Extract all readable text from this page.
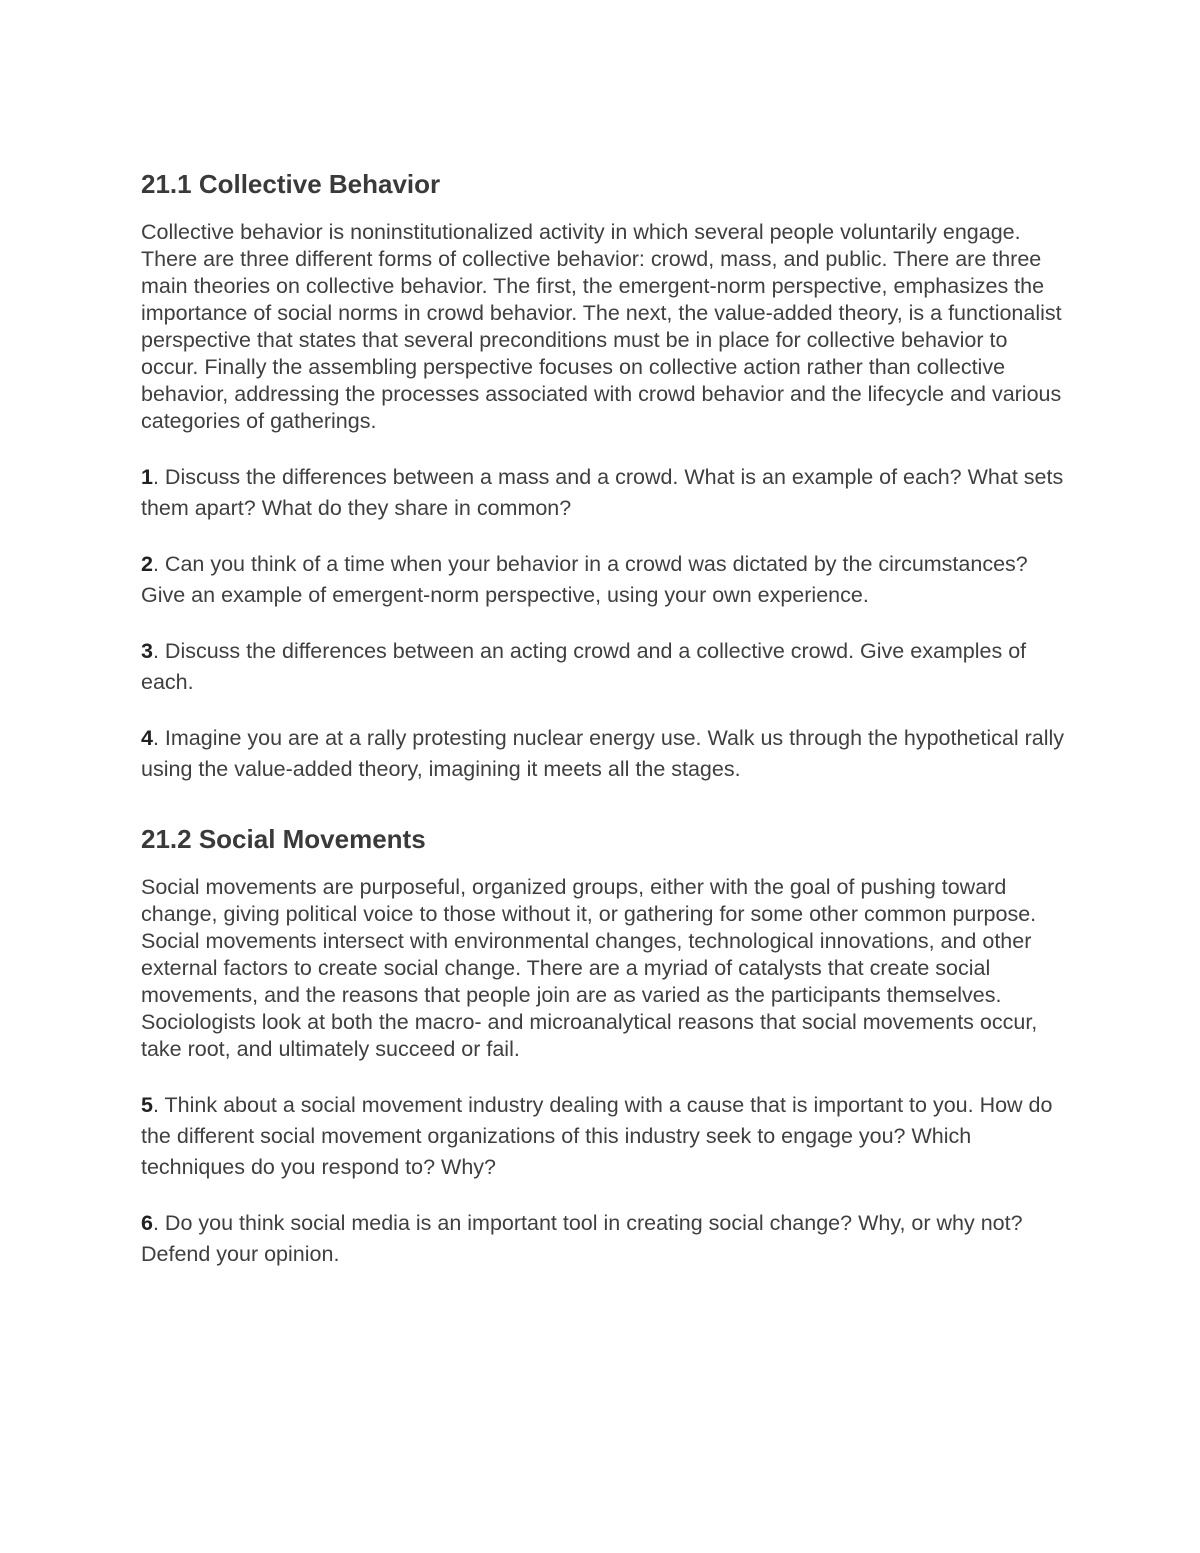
21.1 Collective Behavior

Collective behavior is noninstitutionalized activity in which several people voluntarily engage. There are three different forms of collective behavior: crowd, mass, and public. There are three main theories on collective behavior. The first, the emergent-norm perspective, emphasizes the importance of social norms in crowd behavior. The next, the value-added theory, is a functionalist perspective that states that several preconditions must be in place for collective behavior to occur. Finally the assembling perspective focuses on collective action rather than collective behavior, addressing the processes associated with crowd behavior and the lifecycle and various categories of gatherings.

1. Discuss the differences between a mass and a crowd. What is an example of each? What sets them apart? What do they share in common?

2. Can you think of a time when your behavior in a crowd was dictated by the circumstances? Give an example of emergent-norm perspective, using your own experience.

3. Discuss the differences between an acting crowd and a collective crowd. Give examples of each.

4. Imagine you are at a rally protesting nuclear energy use. Walk us through the hypothetical rally using the value-added theory, imagining it meets all the stages.

21.2 Social Movements

Social movements are purposeful, organized groups, either with the goal of pushing toward change, giving political voice to those without it, or gathering for some other common purpose. Social movements intersect with environmental changes, technological innovations, and other external factors to create social change. There are a myriad of catalysts that create social movements, and the reasons that people join are as varied as the participants themselves. Sociologists look at both the macro- and microanalytical reasons that social movements occur, take root, and ultimately succeed or fail.

5. Think about a social movement industry dealing with a cause that is important to you. How do the different social movement organizations of this industry seek to engage you? Which techniques do you respond to? Why?

6. Do you think social media is an important tool in creating social change? Why, or why not? Defend your opinion.
